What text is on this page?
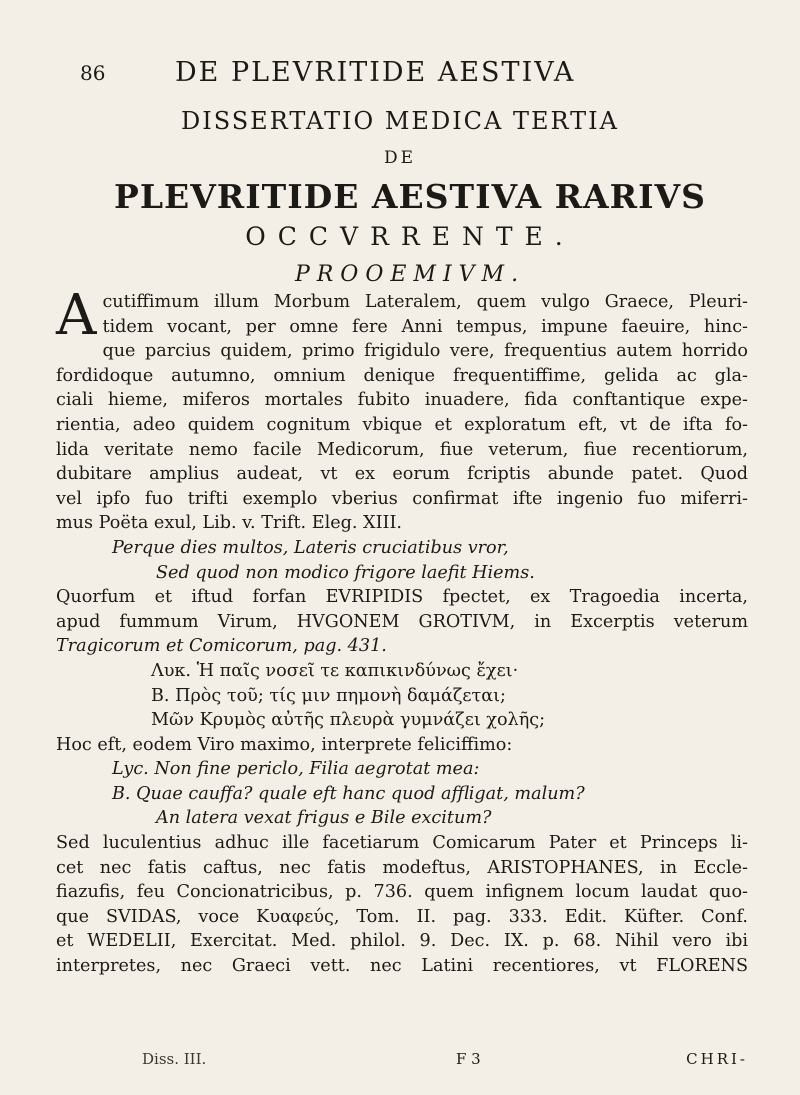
86	DE PLEVRITIDE AESTIVA
DISSERTATIO MEDICA TERTIA
DE
PLEVRITIDE AESTIVA RARIVS
OCCVRRENTE.
PROOEMIVM.
A cutiffimum illum Morbum Lateralem, quem vulgo Graece, Pleuri-
tidem vocant, per omne fere Anni tempus, impune faeuire, hinc-
que parcius quidem, primo frigidulo vere, frequentius autem horrido
fordidoque autumno, omnium denique frequentiffime, gelida ac gla-
ciali hieme, miferos mortales fubito inuadere, fida conftantique expe-
rientia, adeo quidem cognitum vbique et exploratum eft, vt de ifta fo-
lida veritate nemo facile Medicorum, fiue veterum, fiue recentiorum,
dubitare amplius audeat, vt ex eorum fcriptis abunde patet. Quod
vel ipfo fuo trifti exemplo vberius confirmat ifte ingenio fuo miferri-
mus Poëta exul, Lib. v. Trift. Eleg. XIII.
Perque dies multos, Lateris cruciatibus vror,
Sed quod non modico frigore laefit Hiems.
Quorfum et iftud forfan EVRIPIDIS fpectet, ex Tragoedia incerta,
apud fummum Virum, HVGONEM GROTIVM, in Excerptis veterum
Tragicorum et Comicorum, pag. 431.
Λυκ. Ἡ παῖς νοσεῖ τε καπικινδύνως ἔχει·
Β. Πρὸς τοῦ; τίς μιν πημονὴ δαμάζεται;
Μῶν Κρυμὸς αὐτῆς πλευρὰ γυμνάζει χολῆς;
Hoc eft, eodem Viro maximo, interprete feliciffimo:
Lyc. Non fine periclo, Filia aegrotat mea:
B. Quae cauffa? quale eft hanc quod affligat, malum?
An latera vexat frigus e Bile excitum?
Sed luculentius adhuc ille facetiarum Comicarum Pater et Princeps li-
cet nec fatis caftus, nec fatis modeftus, ARISTOPHANES, in Eccle-
fiazufis, feu Concionatricibus, p. 736. quem infignem locum laudat quo-
que SVIDAS, voce Κυαφεύς, Tom. II. pag. 333. Edit. Küfter. Conf.
et WEDELII, Exercitat. Med. philol. 9. Dec. IX. p. 68. Nihil vero ibi
interpretes, nec Graeci vett. nec Latini recentiores, vt FLORENS
Diss. III.	F 3	CHRI-
